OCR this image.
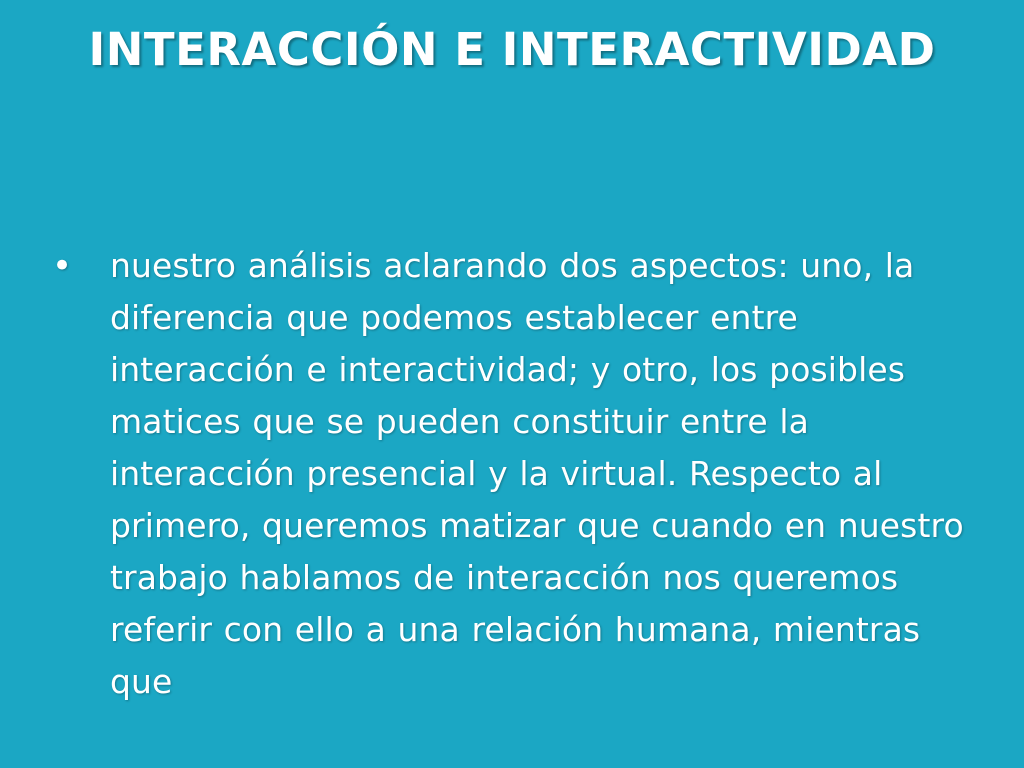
INTERACCIÓN E INTERACTIVIDAD
•	nuestro análisis aclarando dos aspectos: uno, la diferencia que podemos establecer entre interacción e interactividad; y otro, los posibles matices que se pueden constituir entre la interacción presencial y la virtual. Respecto al primero, queremos matizar que cuando en nuestro trabajo hablamos de interacción nos queremos referir con ello a una relación humana, mientras que
